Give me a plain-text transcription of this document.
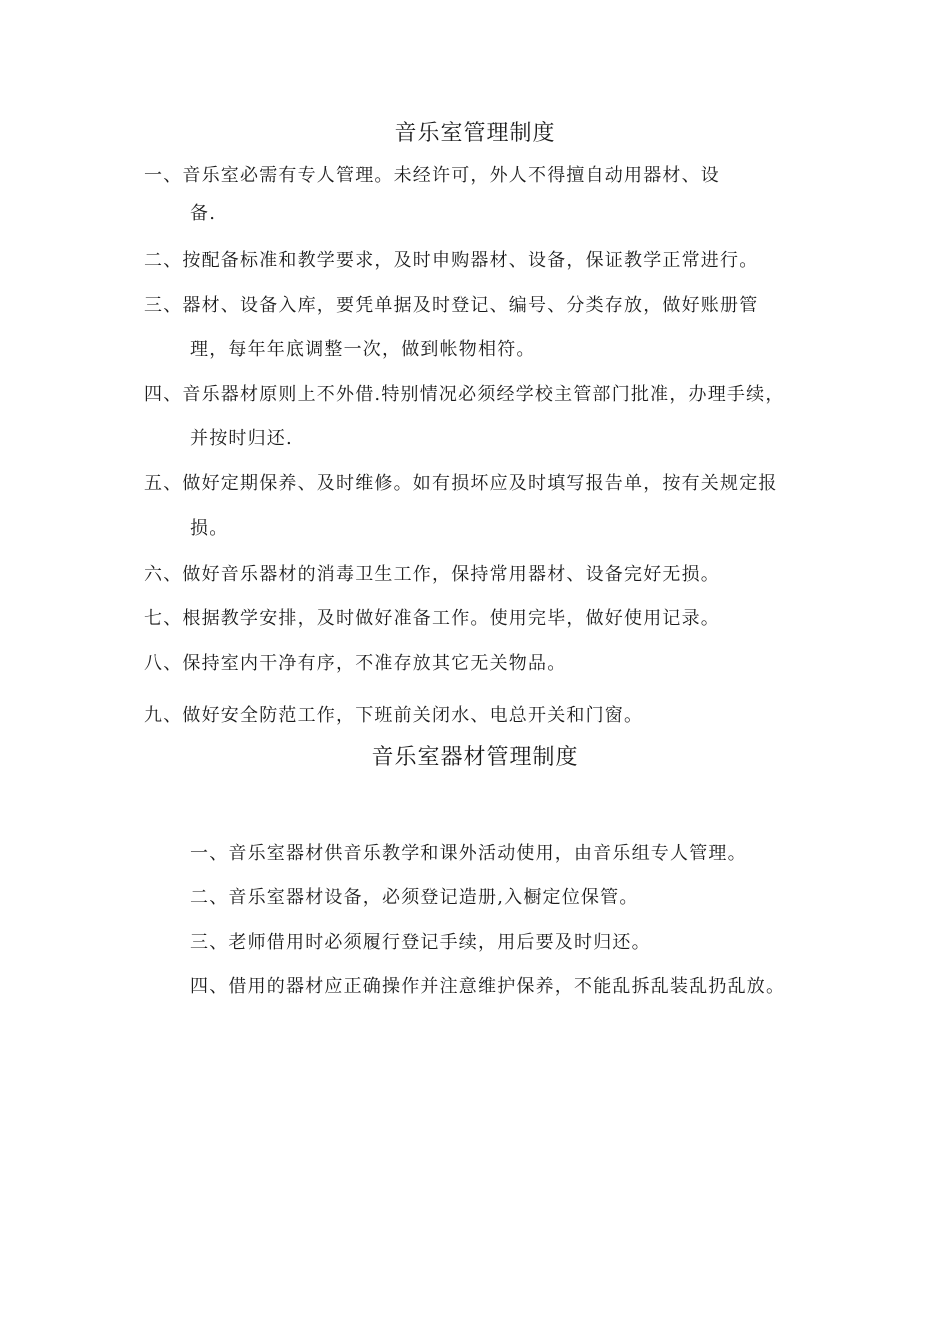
音乐室管理制度
一、音乐室必需有专人管理。未经许可，外人不得擅自动用器材、设
备.
二、按配备标准和教学要求，及时申购器材、设备，保证教学正常进行。
三、器材、设备入库，要凭单据及时登记、编号、分类存放，做好账册管
理，每年年底调整一次，做到帐物相符。
四、音乐器材原则上不外借.特别情况必须经学校主管部门批准，办理手续，
并按时归还.
五、做好定期保养、及时维修。如有损坏应及时填写报告单，按有关规定报
损。
六、做好音乐器材的消毒卫生工作，保持常用器材、设备完好无损。
七、根据教学安排，及时做好准备工作。使用完毕，做好使用记录。
八、保持室内干净有序，不准存放其它无关物品。
九、做好安全防范工作，下班前关闭水、电总开关和门窗。
音乐室器材管理制度
一、音乐室器材供音乐教学和课外活动使用，由音乐组专人管理。
二、音乐室器材设备，必须登记造册,入橱定位保管。
三、老师借用时必须履行登记手续，用后要及时归还。
四、借用的器材应正确操作并注意维护保养，不能乱拆乱装乱扔乱放。
